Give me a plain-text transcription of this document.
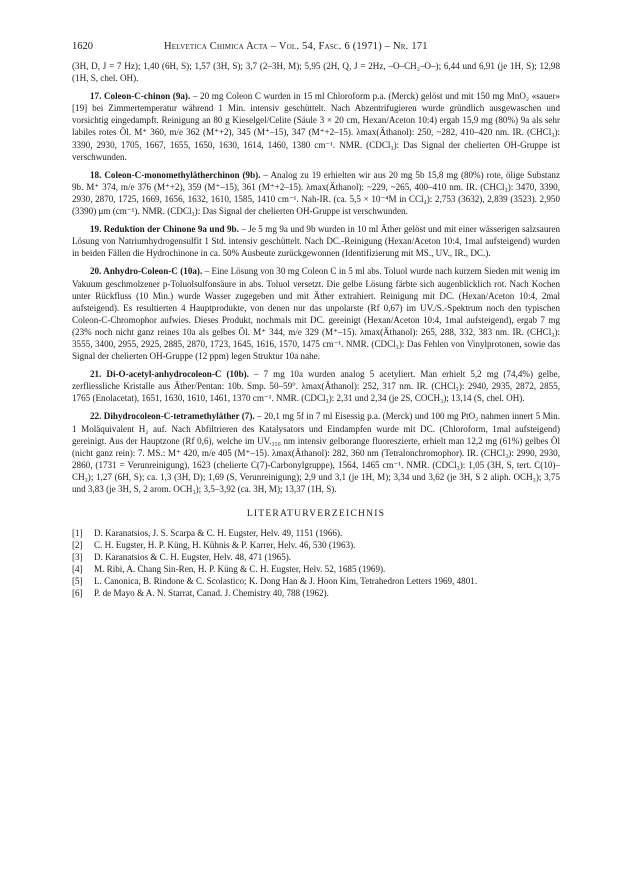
1620	Helvetica Chimica Acta – Vol. 54, Fasc. 6 (1971) – Nr. 171

(3H, D, J = 7 Hz); 1,40 (6H, S); 1,57 (3H, S); 3,7 (2–3H, M); 5,95 (2H, Q, J = 2Hz, –O–CH₂–O–); 6,44 und 6,91 (je 1H, S); 12,98 (1H, S, chel. OH).

17. Coleon-C-chinon (9a). – 20 mg Coleon C wurden in 15 ml Chloroform p.a. (Merck) gelöst und mit 150 mg MnO₂ «sauer» [19] bei Zimmertemperatur während 1 Min. intensiv geschüttelt. Nach Abzentrifugieren wurde gründlich ausgewaschen und vorsichtig eingedampft. Reinigung an 80 g Kieselgel/Celite (Säule 3 × 20 cm, Hexan/Aceton 10:4) ergab 15,9 mg (80%) 9a als sehr labiles rotes Öl. M⁺ 360, m/e 362 (M⁺+2), 345 (M⁺–15), 347 (M⁺+2–15). λmax(Äthanol): 250, ~282, 410–420 nm. IR. (CHCl₃): 3390, 2930, 1705, 1667, 1655, 1650, 1630, 1614, 1460, 1380 cm⁻¹. NMR. (CDCl₃): Das Signal der chelierten OH-Gruppe ist verschwunden.

18. Coleon-C-monomethylätherchinon (9b). – Analog zu 19 erhielten wir aus 20 mg 5b 15,8 mg (80%) rote, ölige Substanz 9b. M⁺ 374, m/e 376 (M⁺+2), 359 (M⁺–15), 361 (M⁺+2–15). λmax(Äthanol): ~229, ~265, 400–410 nm. IR. (CHCl₃): 3470, 3390, 2930, 2870, 1725, 1669, 1656, 1632, 1610, 1585, 1410 cm⁻¹. Nah-IR. (ca. 5,5 × 10⁻⁴M in CCl₄): 2,753 (3632), 2,839 (3523). 2,950 (3390) μm (cm⁻¹). NMR. (CDCl₃): Das Signal der chelierten OH-Gruppe ist verschwunden.

19. Reduktion der Chinone 9a und 9b. – Je 5 mg 9a und 9b wurden in 10 ml Äther gelöst und mit einer wässerigen salzsauren Lösung von Natriumhydrogensulfit 1 Std. intensiv geschüttelt. Nach DC.-Reinigung (Hexan/Aceton 10:4, 1mal aufsteigend) wurden in beiden Fällen die Hydrochinone in ca. 50% Ausbeute zurückgewonnen (Identifizierung mit MS., UV., IR., DC.).

20. Anhydro-Coleon-C (10a). – Eine Lösung von 30 mg Coleon C in 5 ml abs. Toluol wurde nach kurzem Sieden mit wenig im Vakuum geschmolzener p-Toluolsulfonsäure in abs. Toluol versetzt. Die gelbe Lösung färbte sich augenblicklich rot. Nach Kochen unter Rückfluss (10 Min.) wurde Wasser zugegeben und mit Äther extrahiert. Reinigung mit DC. (Hexan/Aceton 10:4, 2mal aufsteigend). Es resultierten 4 Hauptprodukte, von denen nur das unpolarste (Rf 0,67) im UV./S.-Spektrum noch den typischen Coleon-C-Chromophor aufwies. Dieses Produkt, nochmals mit DC. gereinigt (Hexan/Aceton 10:4, 1mal aufsteigend), ergab 7 mg (23% noch nicht ganz reines 10a als gelbes Öl. M⁺ 344, m/e 329 (M⁺–15). λmax(Äthanol): 265, 288, 332, 383 nm. IR. (CHCl₃): 3555, 3400, 2955, 2925, 2885, 2870, 1723, 1645, 1616, 1570, 1475 cm⁻¹. NMR. (CDCl₃): Das Fehlen von Vinylprotonen, sowie das Signal der chelierten OH-Gruppe (12 ppm) legen Struktur 10a nahe.

21. Di-O-acetyl-anhydrocoleon-C (10b). – 7 mg 10a wurden analog 5 acetyliert. Man erhielt 5,2 mg (74,4%) gelbe, zerfliessliche Kristalle aus Äther/Pentan: 10b. Smp. 50–59°. λmax(Äthanol): 252, 317 nm. IR. (CHCl₃): 2940, 2935, 2872, 2855, 1765 (Enolacetat), 1651, 1630, 1610, 1461, 1370 cm⁻¹. NMR. (CDCl₃): 2,31 und 2,34 (je 2S, COCH₃); 13,14 (S, chel. OH).

22. Dihydrocoleon-C-tetramethyläther (7). – 20,1 mg 5f in 7 ml Eisessig p.a. (Merck) und 100 mg PtO₂ nahmen innert 5 Min. 1 Moläquivalent H₂ auf. Nach Abfiltrieren des Katalysators und Eindampfen wurde mit DC. (Chloroform, 1mal aufsteigend) gereinigt. Aus der Hauptzone (Rf 0,6), welche im UV.₃₅₀ nm intensiv gelborange fluoreszierte, erhielt man 12,2 mg (61%) gelbes Öl (nicht ganz rein): 7. MS.: M⁺ 420, m/e 405 (M⁺–15). λmax(Äthanol): 282, 360 nm (Tetralonchromophor). IR. (CHCl₃): 2990, 2930, 2860, (1731 = Verunreinigung), 1623 (chelierte C(7)-Carbonylgruppe), 1564, 1465 cm⁻¹. NMR. (CDCl₃): 1,05 (3H, S, tert. C(10)–CH₃); 1,27 (6H, S); ca. 1,3 (3H, D); 1,69 (S, Verunreinigung); 2,9 und 3,1 (je 1H, M); 3,34 und 3,62 (je 3H, S 2 aliph. OCH₃); 3,75 und 3,83 (je 3H, S, 2 arom. OCH₃); 3,5–3,92 (ca. 3H, M); 13,37 (1H, S).

LITERATURVERZEICHNIS
[1]	D. Karanatsios, J. S. Scarpa & C. H. Eugster, Helv. 49, 1151 (1966).
[2]	C. H. Eugster, H. P. Küng, H. Kühnis & P. Karrer, Helv. 46, 530 (1963).
[3]	D. Karanatsios & C. H. Eugster, Helv. 48, 471 (1965).
[4]	M. Ribi, A. Chang Sin-Ren, H. P. Küng & C. H. Eugster, Helv. 52, 1685 (1969).
[5]	L. Canonica, B. Rindone & C. Scolastico; K. Dong Han & J. Hoon Kim, Tetrahedron Letters 1969, 4801.
[6]	P. de Mayo & A. N. Starrat, Canad. J. Chemistry 40, 788 (1962).
